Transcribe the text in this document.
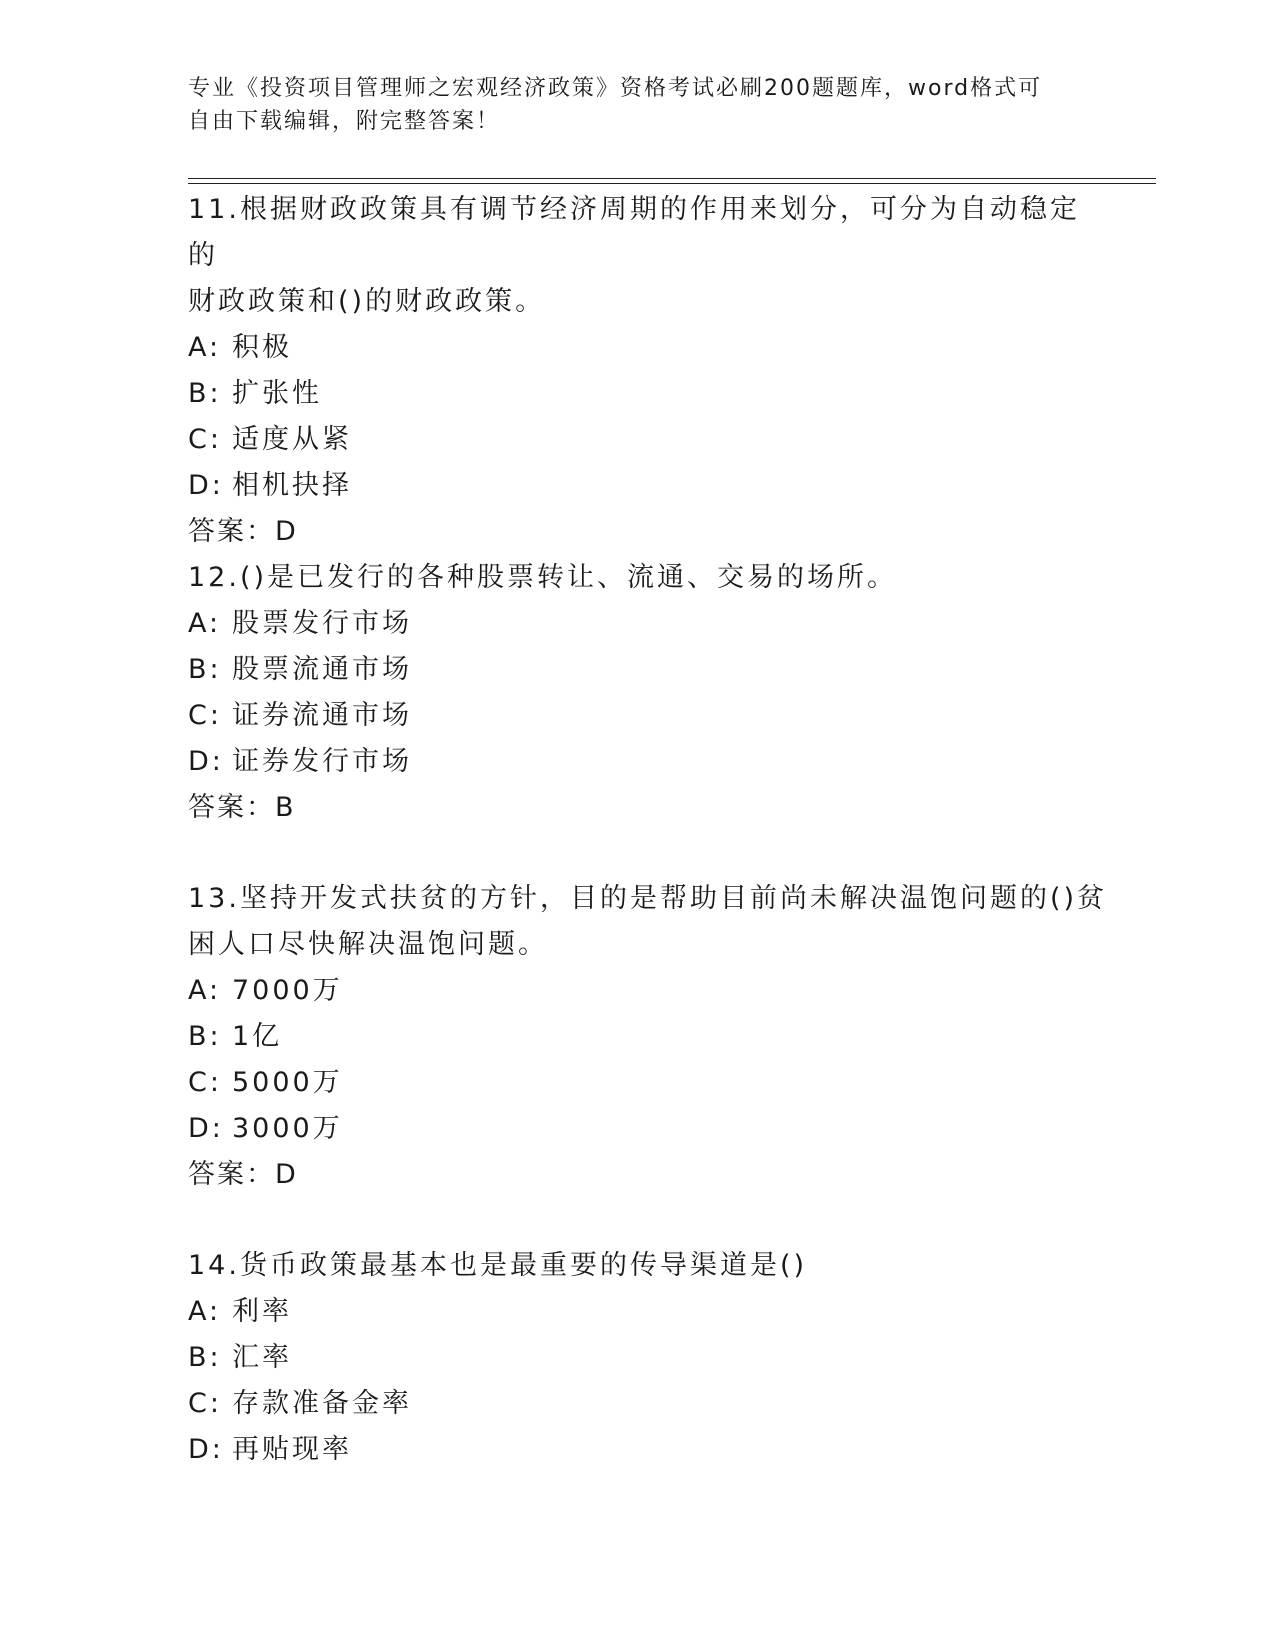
专业《投资项目管理师之宏观经济政策》资格考试必刷200题题库，word格式可
自由下载编辑，附完整答案！

11.根据财政政策具有调节经济周期的作用来划分，可分为自动稳定的

财政政策和()的财政政策。

A: 积极

B: 扩张性

C: 适度从紧

D: 相机抉择

答案：D

12.()是已发行的各种股票转让、流通、交易的场所。

A: 股票发行市场

B: 股票流通市场

C: 证券流通市场

D: 证券发行市场

答案：B

13.坚持开发式扶贫的方针，目的是帮助目前尚未解决温饱问题的()贫

困人口尽快解决温饱问题。

A: 7000万

B: 1亿

C: 5000万

D: 3000万

答案：D

14.货币政策最基本也是最重要的传导渠道是()

A: 利率

B: 汇率

C: 存款准备金率

D: 再贴现率
